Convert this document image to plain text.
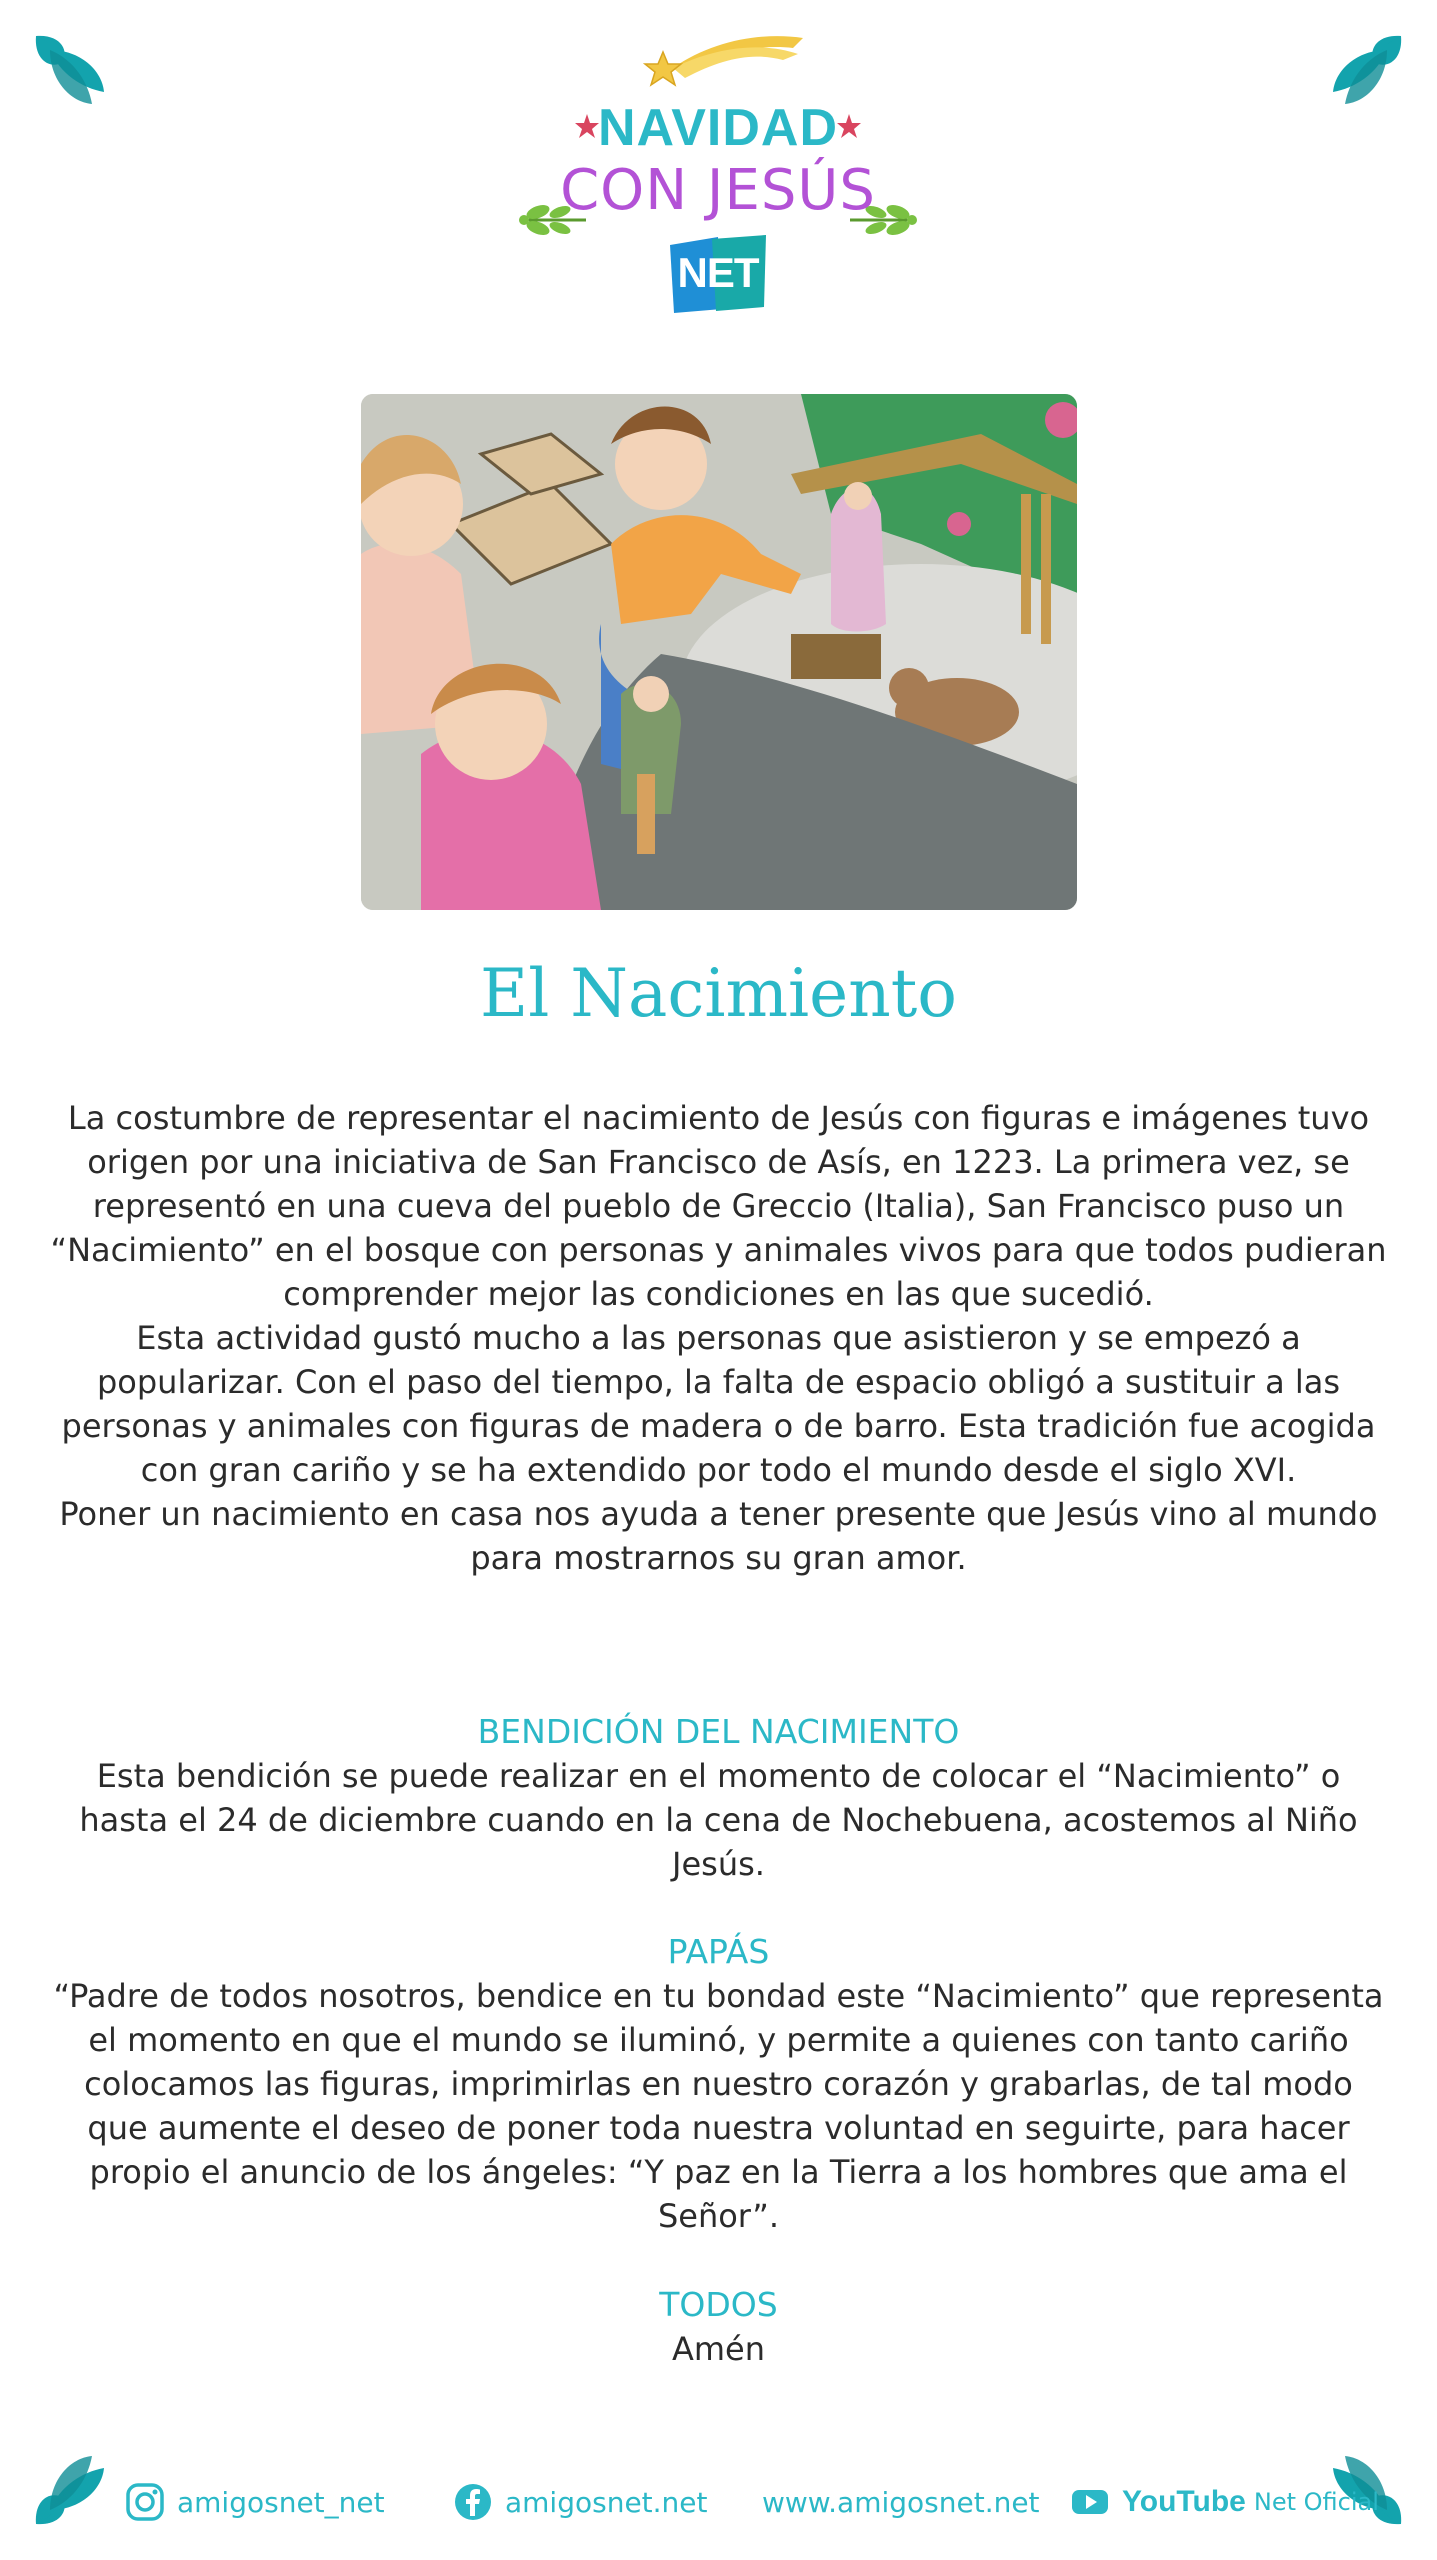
NAVIDAD
CON JESÚS
NET
El Nacimiento

La costumbre de representar el nacimiento de Jesús con figuras e imágenes tuvo origen por una iniciativa de San Francisco de Asís, en 1223. La primera vez, se representó en una cueva del pueblo de Greccio (Italia), San Francisco puso un “Nacimiento” en el bosque con personas y animales vivos para que todos pudieran comprender mejor las condiciones en las que sucedió.

Esta actividad gustó mucho a las personas que asistieron y se empezó a popularizar. Con el paso del tiempo, la falta de espacio obligó a sustituir a las personas y animales con figuras de madera o de barro. Esta tradición fue acogida con gran cariño y se ha extendido por todo el mundo desde el siglo XVI.

Poner un nacimiento en casa nos ayuda a tener presente que Jesús vino al mundo para mostrarnos su gran amor.

BENDICIÓN DEL NACIMIENTO

Esta bendición se puede realizar en el momento de colocar el “Nacimiento” o hasta el 24 de diciembre cuando en la cena de Nochebuena, acostemos al Niño Jesús.

PAPÁS

“Padre de todos nosotros, bendice en tu bondad este “Nacimiento” que representa el momento en que el mundo se iluminó, y permite a quienes con tanto cariño colocamos las figuras, imprimirlas en nuestro corazón y grabarlas, de tal modo que aumente el deseo de poner toda nuestra voluntad en seguirte, para hacer propio el anuncio de los ángeles: “Y paz en la Tierra a los hombres que ama el Señor”.

TODOS

Amén

amigosnet_net	amigosnet.net www.amigosnet.net	YouTube Net Oficial
